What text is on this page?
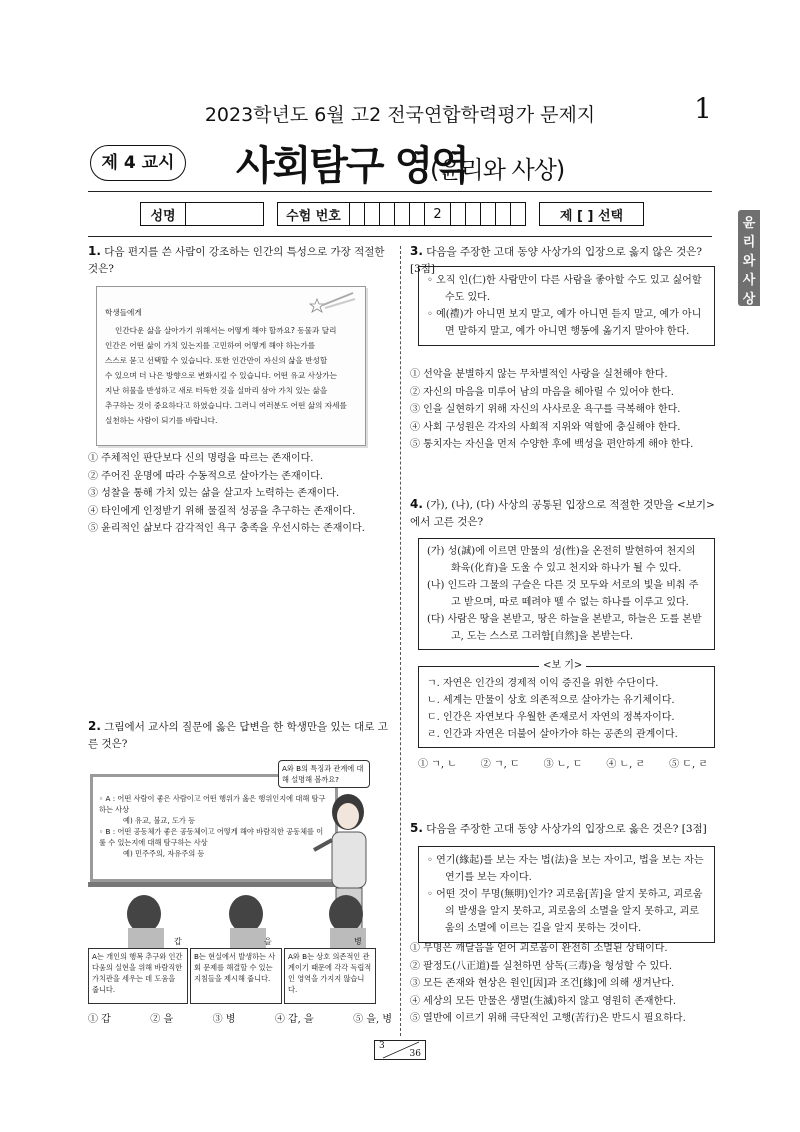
2023학년도 6월 고2 전국연합학력평가 문제지	1
제 4 교시 사회탐구 영역
(윤리와 사상)
성명	수험 번호	2	제 [ ] 선택	윤
리
와
사
상
1. 다음 편지를 쓴 사람이 강조하는 인간의 특성으로 가장 적절한 것은?
학생들에게
인간다운 삶을 살아가기 위해서는 어떻게 해야 할까요? 동물과 달리
인간은 어떤 삶이 가치 있는지를 고민하여 어떻게 해야 하는가를
스스로 묻고 선택할 수 있습니다. 또한 인간만이 자신의 삶을 반성할
수 있으며 더 나은 방향으로 변화시킬 수 있습니다. 어떤 유교 사상가는
지난 허물을 반성하고 새로 터득한 것을 실마리 삼아 가치 있는 삶을
추구하는 것이 중요하다고 하였습니다. 그러니 여러분도 어떤 삶의 자세를
실천하는 사람이 되기를 바랍니다.
① 주체적인 판단보다 신의 명령을 따르는 존재이다.
② 주어진 운명에 따라 수동적으로 살아가는 존재이다.
③ 성찰을 통해 가치 있는 삶을 살고자 노력하는 존재이다.
④ 타인에게 인정받기 위해 물질적 성공을 추구하는 존재이다.
⑤ 윤리적인 삶보다 감각적인 욕구 충족을 우선시하는 존재이다.
2. 그림에서 교사의 질문에 옳은 답변을 한 학생만을 있는 대로 고른 것은?
◦ A : 어떤 사람이 좋은 사람이고 어떤 행위가 옳은 행위인지에 대해 탐구하는 사상
예) 유교, 불교, 도가 등
◦ B : 어떤 공동체가 좋은 공동체이고 어떻게 해야 바람직한 공동체를 이룰 수 있는지에 대해 탐구하는 사상
예) 민주주의, 자유주의 등
A와 B의 특징과 관계에 대해 설명해 볼까요?
갑	을	병
A는 개인의 행복 추구와 인간다움의 실현을 위해 바람직한 가치관을 세우는 데 도움을 줍니다.
B는 현실에서 발생하는 사회 문제를 해결할 수 있는 지침들을 제시해 줍니다.
A와 B는 상호 의존적인 관계이기 때문에 각각 독립적인 영역을 가지지 않습니다.
① 갑	② 을	③ 병	④ 갑, 을	⑤ 을, 병
3. 다음을 주장한 고대 동양 사상가의 입장으로 옳지 않은 것은? [3점]
◦ 오직 인(仁)한 사람만이 다른 사람을 좋아할 수도 있고 싫어할 수도 있다.
◦ 예(禮)가 아니면 보지 말고, 예가 아니면 듣지 말고, 예가 아니면 말하지 말고, 예가 아니면 행동에 옮기지 말아야 한다.
① 선악을 분별하지 않는 무차별적인 사랑을 실천해야 한다.
② 자신의 마음을 미루어 남의 마음을 헤아릴 수 있어야 한다.
③ 인을 실현하기 위해 자신의 사사로운 욕구를 극복해야 한다.
④ 사회 구성원은 각자의 사회적 지위와 역할에 충실해야 한다.
⑤ 통치자는 자신을 먼저 수양한 후에 백성을 편안하게 해야 한다.
4. (가), (나), (다) 사상의 공통된 입장으로 적절한 것만을 <보기>에서 고른 것은?
(가) 성(誠)에 이르면 만물의 성(性)을 온전히 발현하여 천지의 화육(化育)을 도울 수 있고 천지와 하나가 될 수 있다.
(나) 인드라 그물의 구슬은 다른 것 모두와 서로의 빛을 비춰 주고 받으며, 따로 떼려야 뗄 수 없는 하나를 이루고 있다.
(다) 사람은 땅을 본받고, 땅은 하늘을 본받고, 하늘은 도를 본받고, 도는 스스로 그러함[自然]을 본받는다.
<보 기>
ㄱ. 자연은 인간의 경제적 이익 증진을 위한 수단이다.
ㄴ. 세계는 만물이 상호 의존적으로 살아가는 유기체이다.
ㄷ. 인간은 자연보다 우월한 존재로서 자연의 정복자이다.
ㄹ. 인간과 자연은 더불어 살아가야 하는 공존의 관계이다.
① ㄱ, ㄴ ② ㄱ, ㄷ ③ ㄴ, ㄷ ④ ㄴ, ㄹ ⑤ ㄷ, ㄹ
5. 다음을 주장한 고대 동양 사상가의 입장으로 옳은 것은? [3점]
◦ 연기(緣起)를 보는 자는 법(法)을 보는 자이고, 법을 보는 자는 연기를 보는 자이다.
◦ 어떤 것이 무명(無明)인가? 괴로움[苦]을 알지 못하고, 괴로움의 발생을 알지 못하고, 괴로움의 소멸을 알지 못하고, 괴로움의 소멸에 이르는 길을 알지 못하는 것이다.
① 무명은 깨달음을 얻어 괴로움이 완전히 소멸된 상태이다.
② 팔정도(八正道)를 실천하면 삼독(三毒)을 형성할 수 있다.
③ 모든 존재와 현상은 원인[因]과 조건[緣]에 의해 생겨난다.
④ 세상의 모든 만물은 생멸(生滅)하지 않고 영원히 존재한다.
⑤ 열반에 이르기 위해 극단적인 고행(苦行)은 반드시 필요하다.
3
36
